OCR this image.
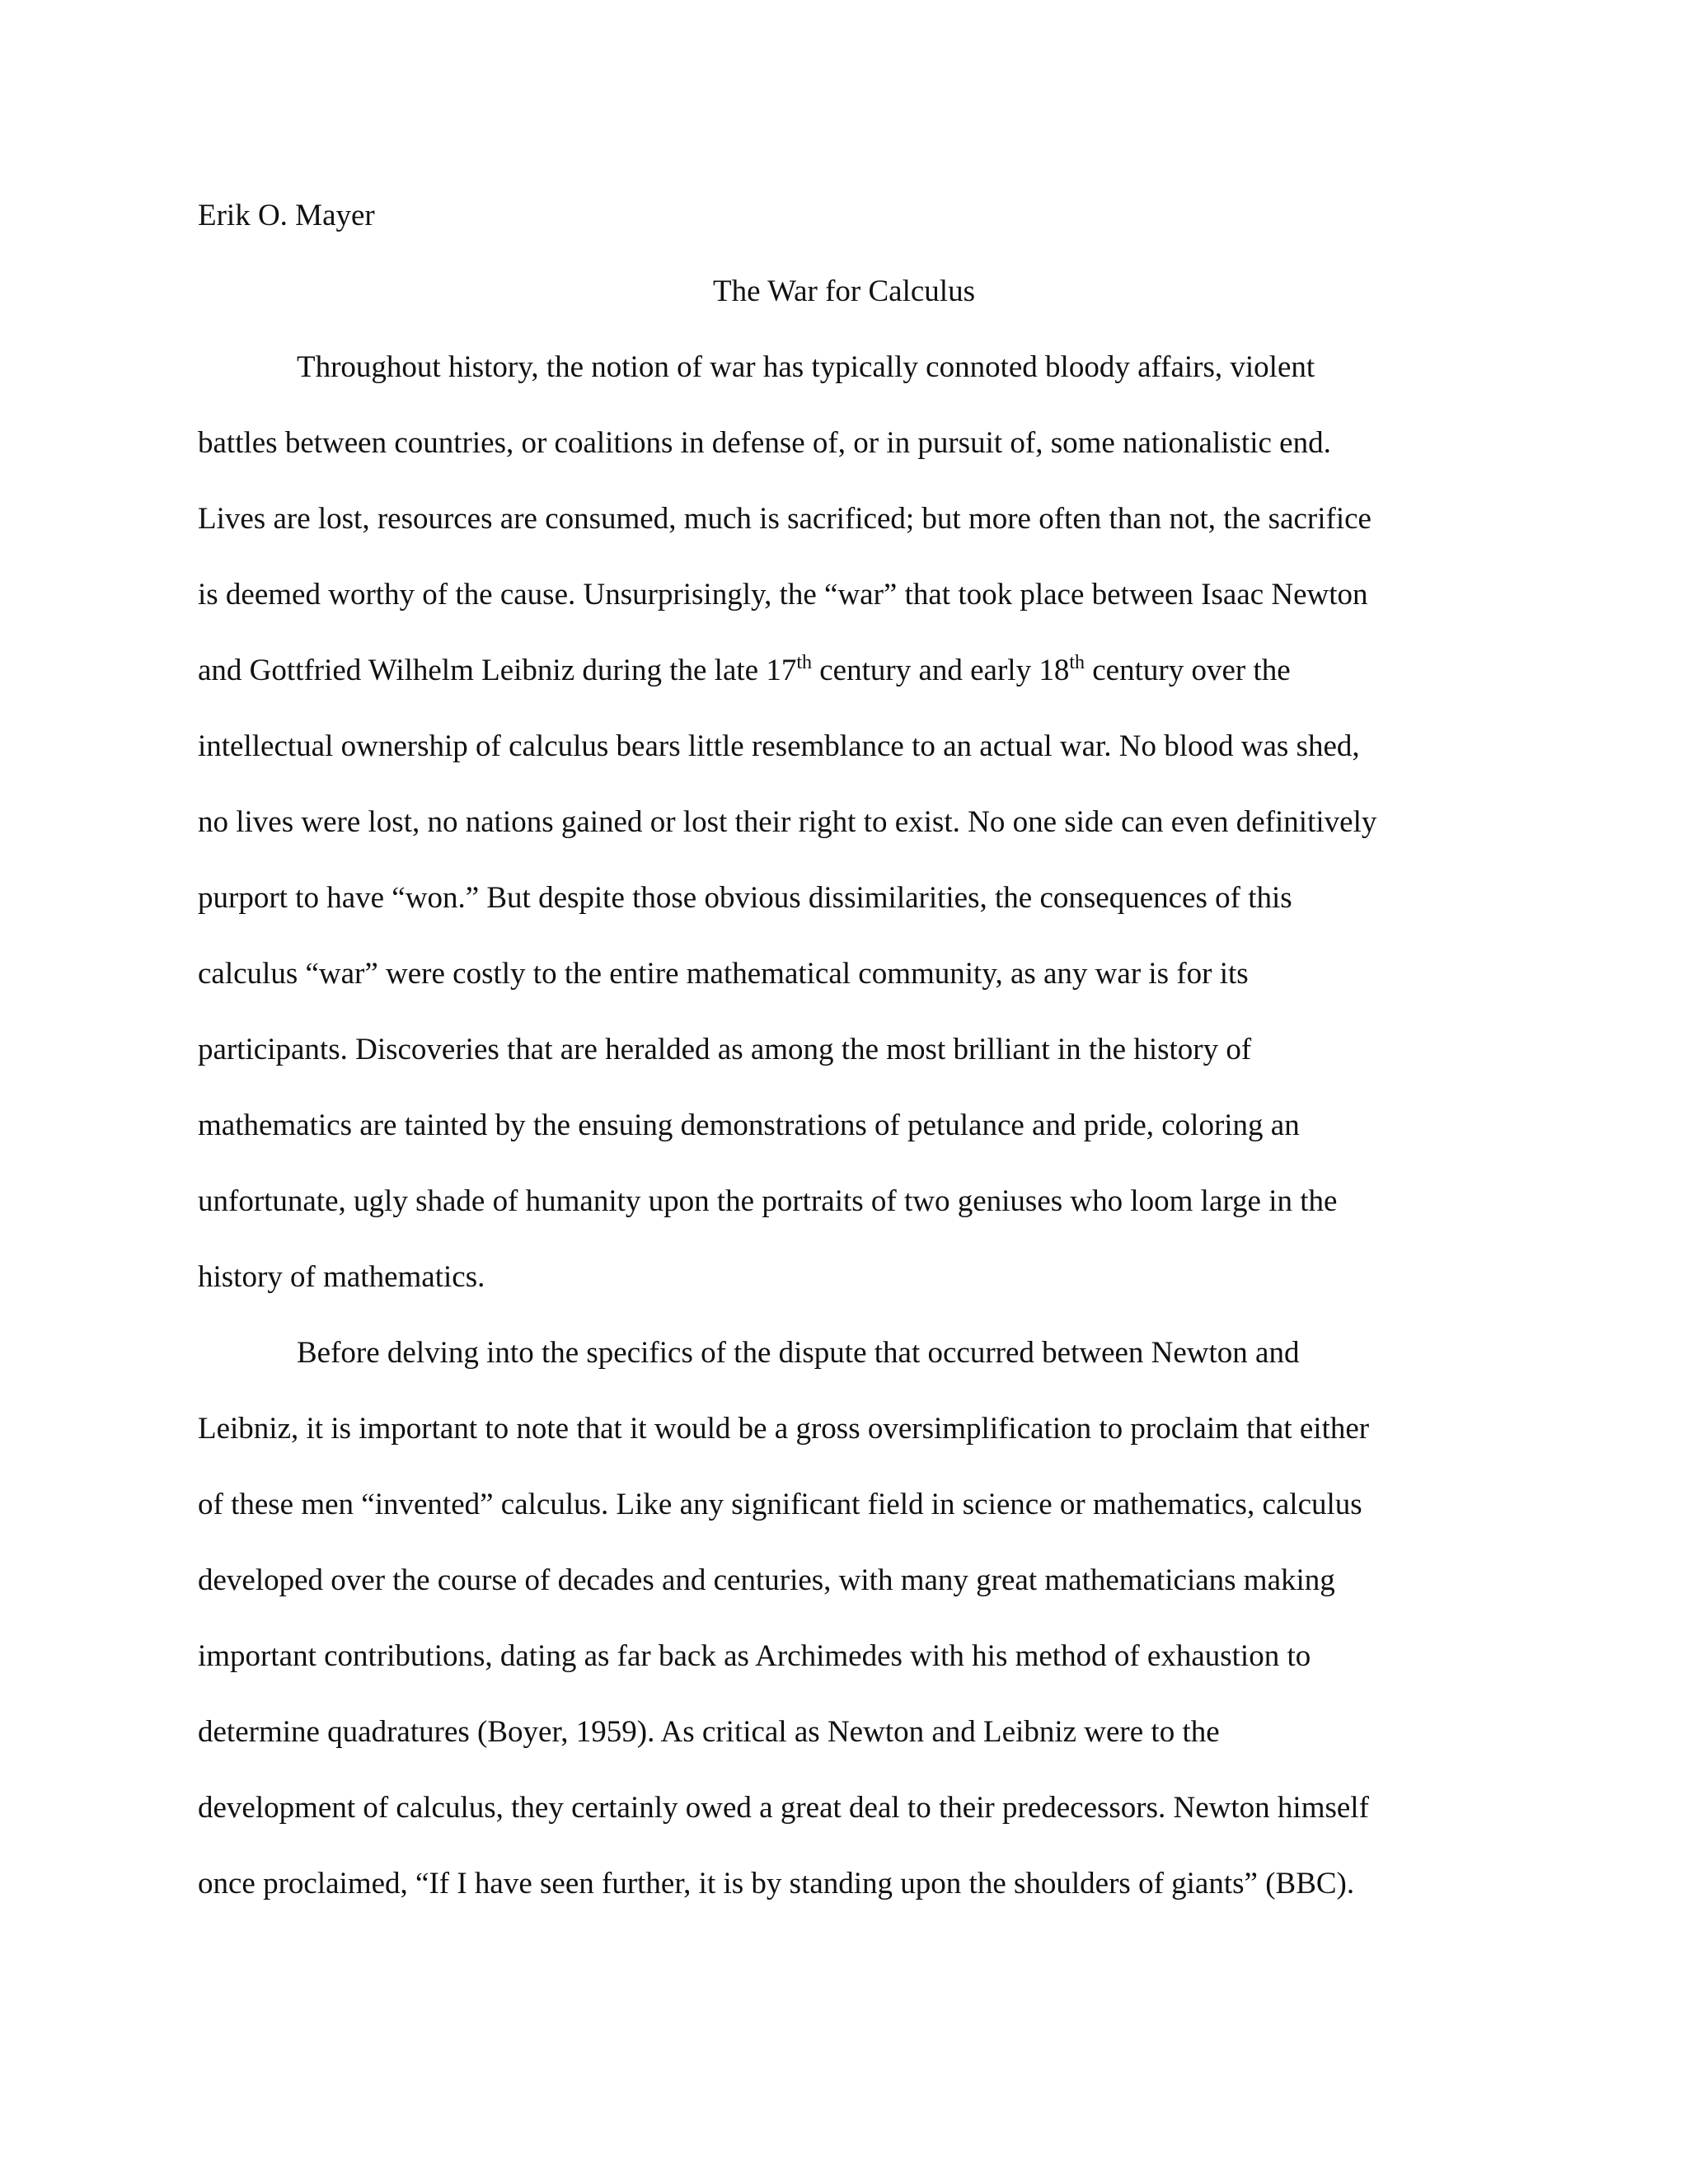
Erik O. Mayer
The War for Calculus
Throughout history, the notion of war has typically connoted bloody affairs, violent
battles between countries, or coalitions in defense of, or in pursuit of, some nationalistic end.
Lives are lost, resources are consumed, much is sacrificed; but more often than not, the sacrifice
is deemed worthy of the cause. Unsurprisingly, the “war” that took place between Isaac Newton
and Gottfried Wilhelm Leibniz during the late 17th century and early 18th century over the
intellectual ownership of calculus bears little resemblance to an actual war. No blood was shed,
no lives were lost, no nations gained or lost their right to exist. No one side can even definitively
purport to have “won.” But despite those obvious dissimilarities, the consequences of this
calculus “war” were costly to the entire mathematical community, as any war is for its
participants. Discoveries that are heralded as among the most brilliant in the history of
mathematics are tainted by the ensuing demonstrations of petulance and pride, coloring an
unfortunate, ugly shade of humanity upon the portraits of two geniuses who loom large in the
history of mathematics.
Before delving into the specifics of the dispute that occurred between Newton and
Leibniz, it is important to note that it would be a gross oversimplification to proclaim that either
of these men “invented” calculus. Like any significant field in science or mathematics, calculus
developed over the course of decades and centuries, with many great mathematicians making
important contributions, dating as far back as Archimedes with his method of exhaustion to
determine quadratures (Boyer, 1959). As critical as Newton and Leibniz were to the
development of calculus, they certainly owed a great deal to their predecessors. Newton himself
once proclaimed, “If I have seen further, it is by standing upon the shoulders of giants” (BBC).
